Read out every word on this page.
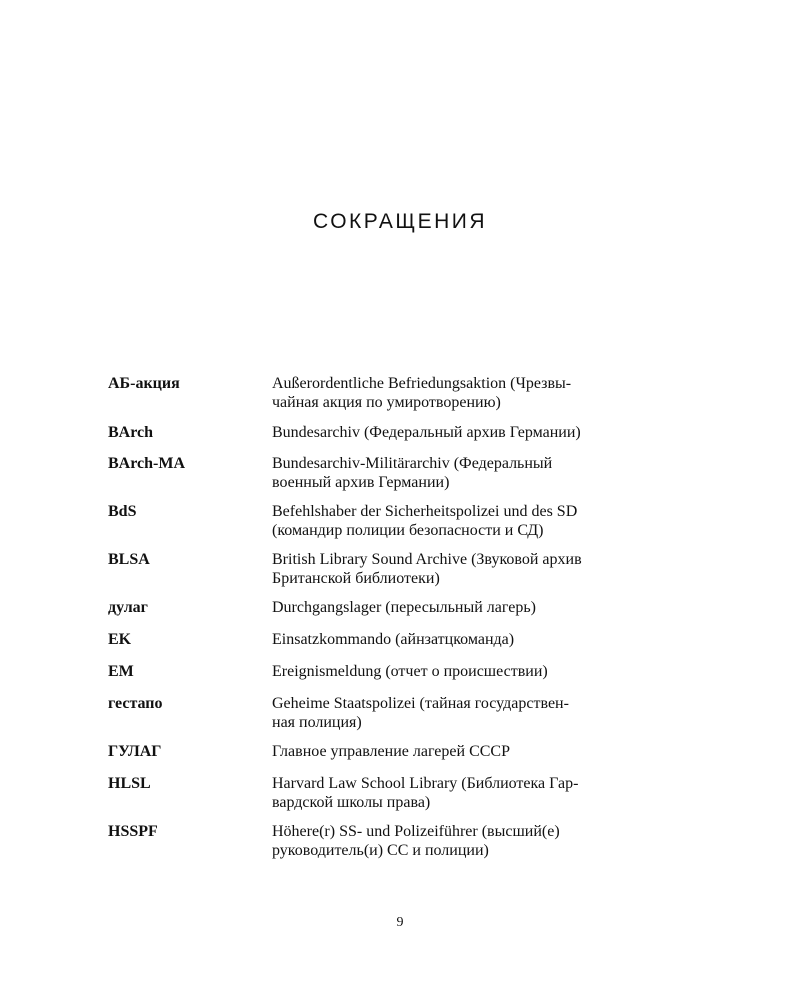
СОКРАЩЕНИЯ
АБ-акция	Außerordentliche Befriedungsaktion (Чрезвы-
чайная акция по умиротворению)
BArch	Bundesarchiv (Федеральный архив Германии)
BArch-MA	Bundesarchiv-Militärarchiv (Федеральный
военный архив Германии)
BdS	Befehlshaber der Sicherheitspolizei und des SD
(командир полиции безопасности и СД)
BLSA	British Library Sound Archive (Звуковой архив
Британской библиотеки)
дулаг	Durchgangslager (пересыльный лагерь)
EK	Einsatzkommando (айнзатцкоманда)
EM	Ereignismeldung (отчет о происшествии)
гестапо	Geheime Staatspolizei (тайная государствен-
ная полиция)
ГУЛАГ	Главное управление лагерей СССР
HLSL	Harvard Law School Library (Библиотека Гар-
вардской школы права)
HSSPF	Höhere(r) SS- und Polizeiführer (высший(е)
руководитель(и) СС и полиции)
9
